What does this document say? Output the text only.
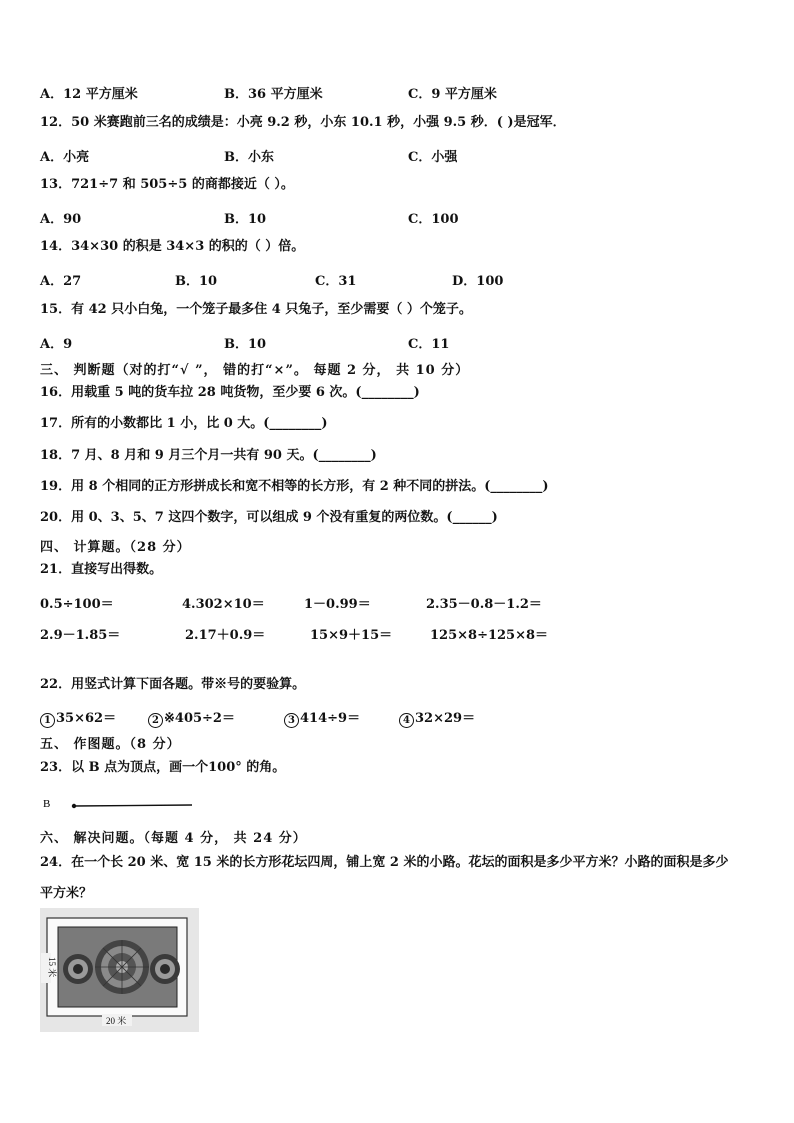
A．12 平方厘米	B．36 平方厘米	C．9 平方厘米
12．50 米赛跑前三名的成绩是：小亮 9.2 秒，小东 10.1 秒，小强 9.5 秒．( )是冠军．
A．小亮	B．小东	C．小强
13．721÷7 和 505÷5 的商都接近（ ）。
A．90	B．10	C．100
14．34×30 的积是 34×3 的积的（ ）倍。
A．27	B．10	C．31	D．100
15．有 42 只小白兔，一个笼子最多住 4 只兔子，至少需要（ ）个笼子。
A．9	B．10	C．11
三、 判断题（对的打“√ ”， 错的打“×”。 每题 2 分， 共 10 分）
16．用载重 5 吨的货车拉 28 吨货物，至少要 6 次。(________)
17．所有的小数都比 1 小，比 0 大。(________)
18．7 月、8 月和 9 月三个月一共有 90 天。(________)
19．用 8 个相同的正方形拼成长和宽不相等的长方形，有 2 种不同的拼法。(________)
20．用 0、3、5、7 这四个数字，可以组成 9 个没有重复的两位数。(______)
四、 计算题。（28 分）
21．直接写出得数。
0.5÷100＝	4.302×10＝	1－0.99＝	2.35－0.8－1.2＝
2.9－1.85＝	2.17＋0.9＝	15×9＋15＝	125×8÷125×8＝
22．用竖式计算下面各题。带※号的要验算。
1 35×62＝	2 ※405÷2＝	3 414÷9＝	4 32×29＝
五、 作图题。（8 分）
23．以 B 点为顶点，画一个100° 的角。
B
六、 解决问题。（每题 4 分， 共 24 分）
24．在一个长 20 米、宽 15 米的长方形花坛四周，铺上宽 2 米的小路。花坛的面积是多少平方米？小路的面积是多少
平方米？
20 米
15 米
